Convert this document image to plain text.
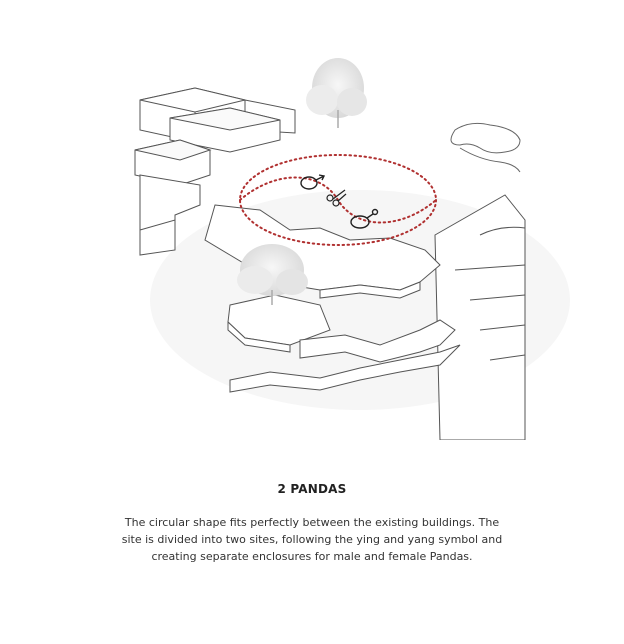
2 PANDAS

The circular shape fits perfectly between the existing buildings. The
site is divided into two sites, following the ying and yang symbol and
creating separate enclosures for male and female Pandas.
